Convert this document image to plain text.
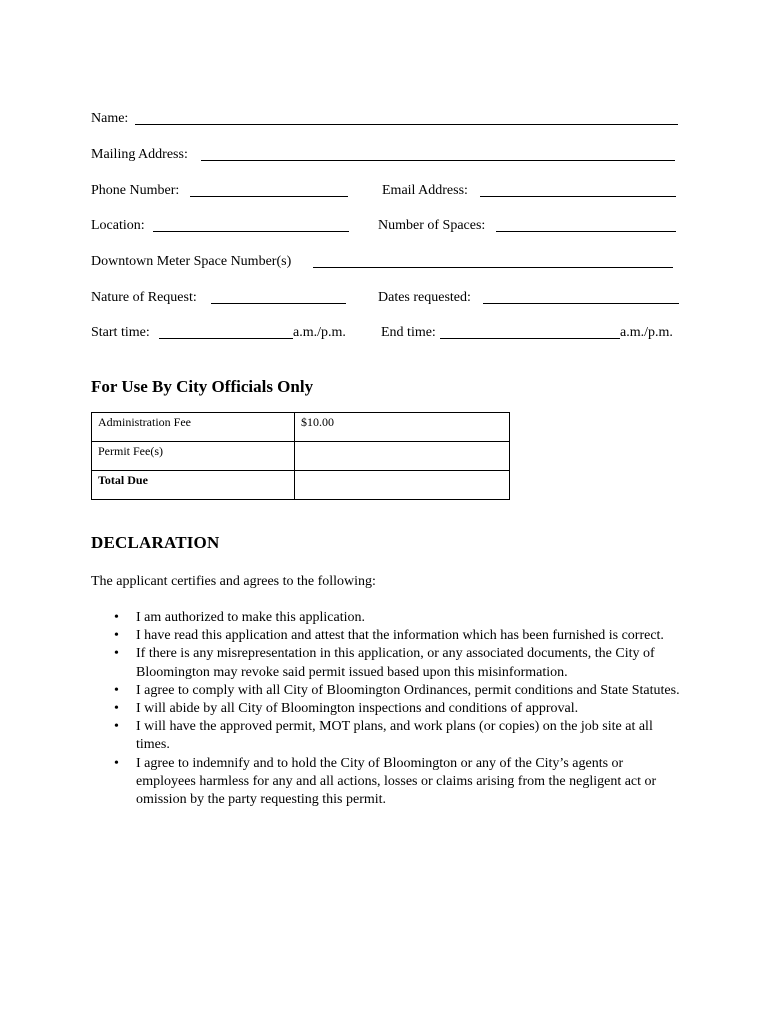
Name:
Mailing Address:
Phone Number:	Email Address:
Location:	Number of Spaces:
Downtown Meter Space Number(s)
Nature of Request:	Dates requested:
Start time:	a.m./p.m.	End time:	a.m./p.m.
For Use By City Officials Only
Administration Fee	$10.00
Permit Fee(s)	
Total Due	
DECLARATION
The applicant certifies and agrees to the following:
• I am authorized to make this application.
• I have read this application and attest that the information which has been furnished is correct.
• If there is any misrepresentation in this application, or any associated documents, the City of Bloomington may revoke said permit issued based upon this misinformation.
• I agree to comply with all City of Bloomington Ordinances, permit conditions and State Statutes.
• I will abide by all City of Bloomington inspections and conditions of approval.
• I will have the approved permit, MOT plans, and work plans (or copies) on the job site at all times.
• I agree to indemnify and to hold the City of Bloomington or any of the City’s agents or employees harmless for any and all actions, losses or claims arising from the negligent act or omission by the party requesting this permit.
